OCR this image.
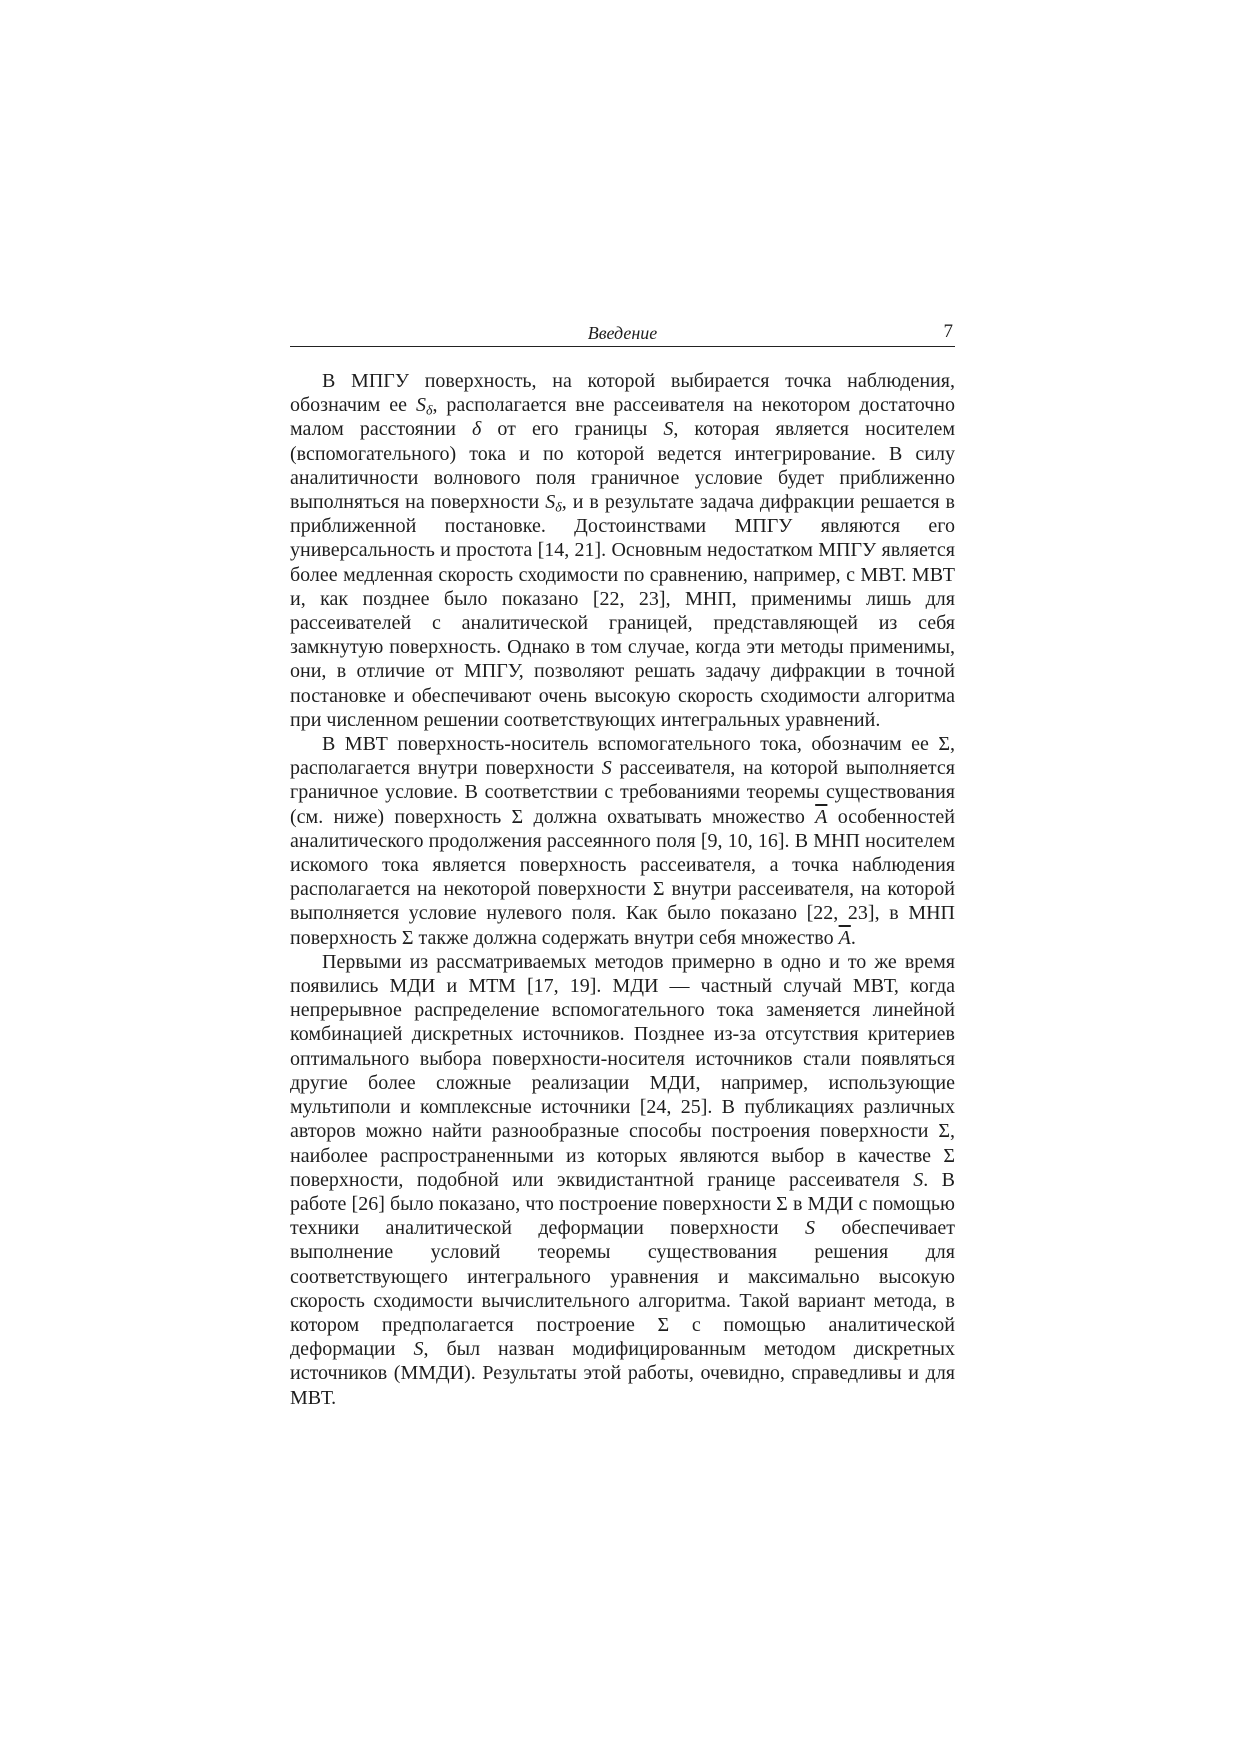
Введение	7

В МПГУ поверхность, на которой выбирается точка наблюдения, обозначим ее $S_\delta$, располагается вне рассеивателя на некотором достаточно малом расстоянии δ от его границы S, которая является носителем (вспомогательного) тока и по которой ведется интегрирование. В силу аналитичности волнового поля граничное условие будет приближенно выполняться на поверхности $S_\delta$, и в результате задача дифракции решается в приближенной постановке. Достоинствами МПГУ являются его универсальность и простота [14, 21]. Основным недостатком МПГУ является более медленная скорость сходимости по сравнению, например, с МВТ. МВТ и, как позднее было показано [22, 23], МНП, применимы лишь для рассеивателей с аналитической границей, представляющей из себя замкнутую поверхность. Однако в том случае, когда эти методы применимы, они, в отличие от МПГУ, позволяют решать задачу дифракции в точной постановке и обеспечивают очень высокую скорость сходимости алгоритма при численном решении соответствующих интегральных уравнений.

В МВТ поверхность-носитель вспомогательного тока, обозначим ее Σ, располагается внутри поверхности S рассеивателя, на которой выполняется граничное условие. В соответствии с требованиями теоремы существования (см. ниже) поверхность Σ должна охватывать множество $\overline{A}$ особенностей аналитического продолжения рассеянного поля [9, 10, 16]. В МНП носителем искомого тока является поверхность рассеивателя, а точка наблюдения располагается на некоторой поверхности Σ внутри рассеивателя, на которой выполняется условие нулевого поля. Как было показано [22, 23], в МНП поверхность Σ также должна содержать внутри себя множество $\overline{A}$.

Первыми из рассматриваемых методов примерно в одно и то же время появились МДИ и МТМ [17, 19]. МДИ — частный случай МВТ, когда непрерывное распределение вспомогательного тока заменяется линейной комбинацией дискретных источников. Позднее из-за отсутствия критериев оптимального выбора поверхности-носителя источников стали появляться другие более сложные реализации МДИ, например, использующие мультиполи и комплексные источники [24, 25]. В публикациях различных авторов можно найти разнообразные способы построения поверхности Σ, наиболее распространенными из которых являются выбор в качестве Σ поверхности, подобной или эквидистантной границе рассеивателя S. В работе [26] было показано, что построение поверхности Σ в МДИ с помощью техники аналитической деформации поверхности S обеспечивает выполнение условий теоремы существования решения для соответствующего интегрального уравнения и максимально высокую скорость сходимости вычислительного алгоритма. Такой вариант метода, в котором предполагается построение Σ с помощью аналитической деформации S, был назван модифицированным методом дискретных источников (ММДИ). Результаты этой работы, очевидно, справедливы и для МВТ.
